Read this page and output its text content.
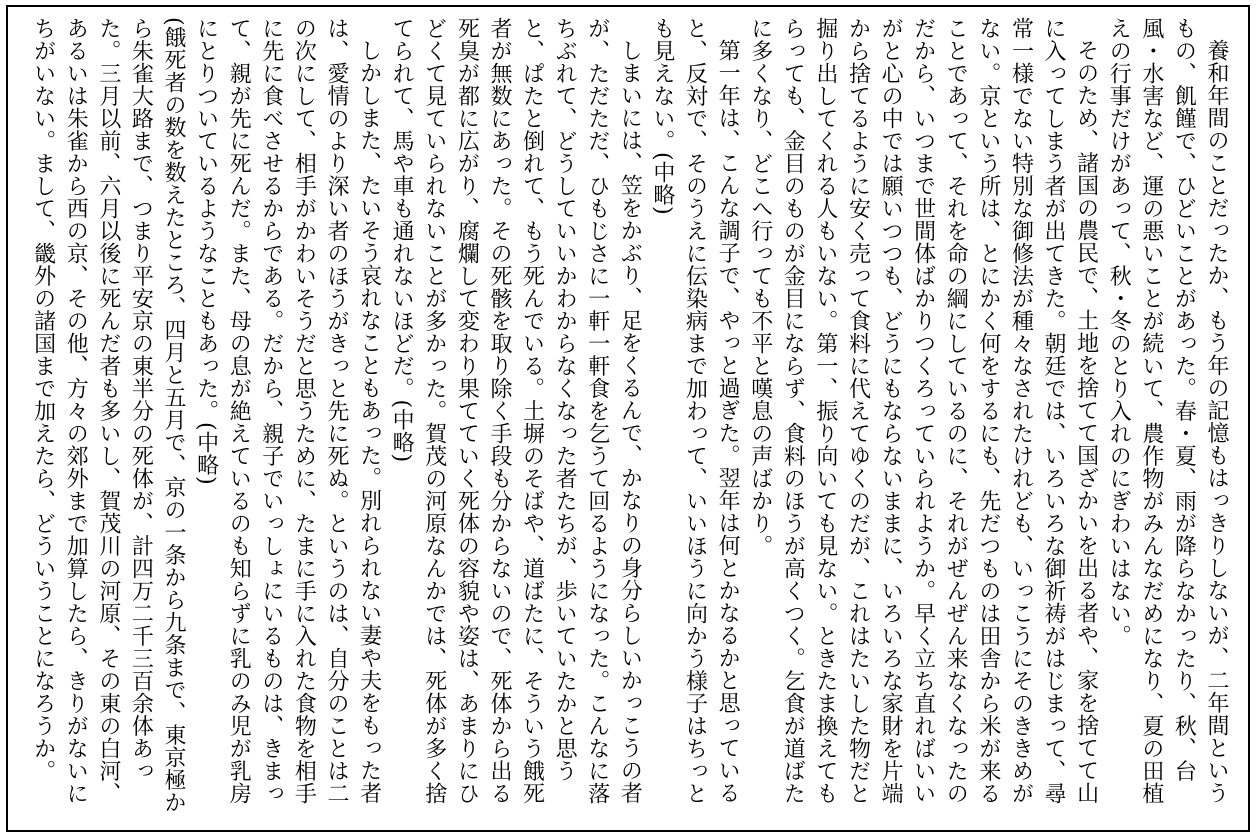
養和年間のことだったか、もう年の記憶もはっきりしないが、二年間というもの、飢饉で、ひどいことがあった。春・夏、雨が降らなかったり、秋、台風・水害など、運の悪いことが続いて、農作物がみんなだめになり、夏の田植えの行事だけがあって、秋・冬のとり入れのにぎわいはない。

そのため、諸国の農民で、土地を捨てて国ざかいを出る者や、家を捨てて山に入ってしまう者が出てきた。朝廷では、いろいろな御祈祷がはじまって、尋常一様でない特別な御修法が種々なされたけれども、いっこうにそのききめがない。京という所は、とにかく何をするにも、先だつものは田舎から米が来ることであって、それを命の綱にしているのに、それがぜんぜん来なくなったのだから、いつまで世間体ばかりつくろっていられようか。早く立ち直ればいいがと心の中では願いつつも、どうにもならないままに、いろいろな家財を片端から捨てるように安く売って食料に代えてゆくのだが、これはたいした物だと掘り出してくれる人もいない。第一、振り向いても見ない。ときたま換えてもらっても、金目のものが金目にならず、食料のほうが高くつく。乞食が道ばたに多くなり、どこへ行っても不平と嘆息の声ばかり。

第一年は、こんな調子で、やっと過ぎた。翌年は何とかなるかと思っていると、反対で、そのうえに伝染病まで加わって、いいほうに向かう様子はちっとも見えない。(中略)

しまいには、笠をかぶり、足をくるんで、かなりの身分らしいかっこうの者が、ただただ、ひもじさに一軒一軒食を乞うて回るようになった。こんなに落ちぶれて、どうしていいかわからなくなった者たちが、歩いていたかと思うと、ぱたと倒れて、もう死んでいる。土塀のそばや、道ばたに、そういう餓死者が無数にあった。その死骸を取り除く手段も分からないので、死体から出る死臭が都に広がり、腐爛して変わり果てていく死体の容貌や姿は、あまりにひどくて見ていられないことが多かった。賀茂の河原なんかでは、死体が多く捨てられて、馬や車も通れないほどだ。(中略)

しかしまた、たいそう哀れなこともあった。別れられない妻や夫をもった者は、愛情のより深い者のほうがきっと先に死ぬ。というのは、自分のことは二の次にして、相手がかわいそうだと思うために、たまに手に入れた食物を相手に先に食べさせるからである。だから、親子でいっしょにいるものは、きまって、親が先に死んだ。また、母の息が絶えているのも知らずに乳のみ児が乳房にとりついているようなこともあった。(中略)

(餓死者の数を数えたところ、四月と五月で、京の一条から九条まで、東京極から朱雀大路まで、つまり平安京の東半分の死体が、計四万二千三百余体あった。三月以前、六月以後に死んだ者も多いし、賀茂川の河原、その東の白河、あるいは朱雀から西の京、その他、方々の郊外まで加算したら、きりがないにちがいない。まして、畿外の諸国まで加えたら、どういうことになろうか。
